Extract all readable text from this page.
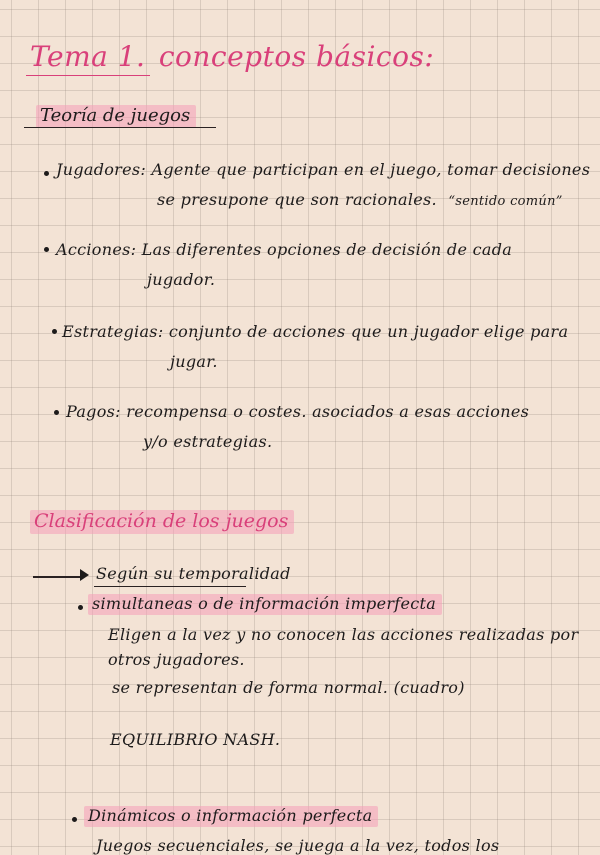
Tema 1. conceptos básicos:
Teoría de juegos
Jugadores: Agente que participan en el juego, tomar decisiones
se presupone que son racionales. “sentido común”
Acciones: Las diferentes opciones de decisión de cada
jugador.
Estrategias: conjunto de acciones que un jugador elige para
jugar.
Pagos: recompensa o costes. asociados a esas acciones
y/o estrategias.
Clasificación de los juegos
Según su temporalidad
simultaneas o de información imperfecta
Eligen a la vez y no conocen las acciones realizadas por
otros jugadores.
se representan de forma normal. (cuadro)
EQUILIBRIO NASH.
Dinámicos o información perfecta
Juegos secuenciales, se juega a la vez, todos los
